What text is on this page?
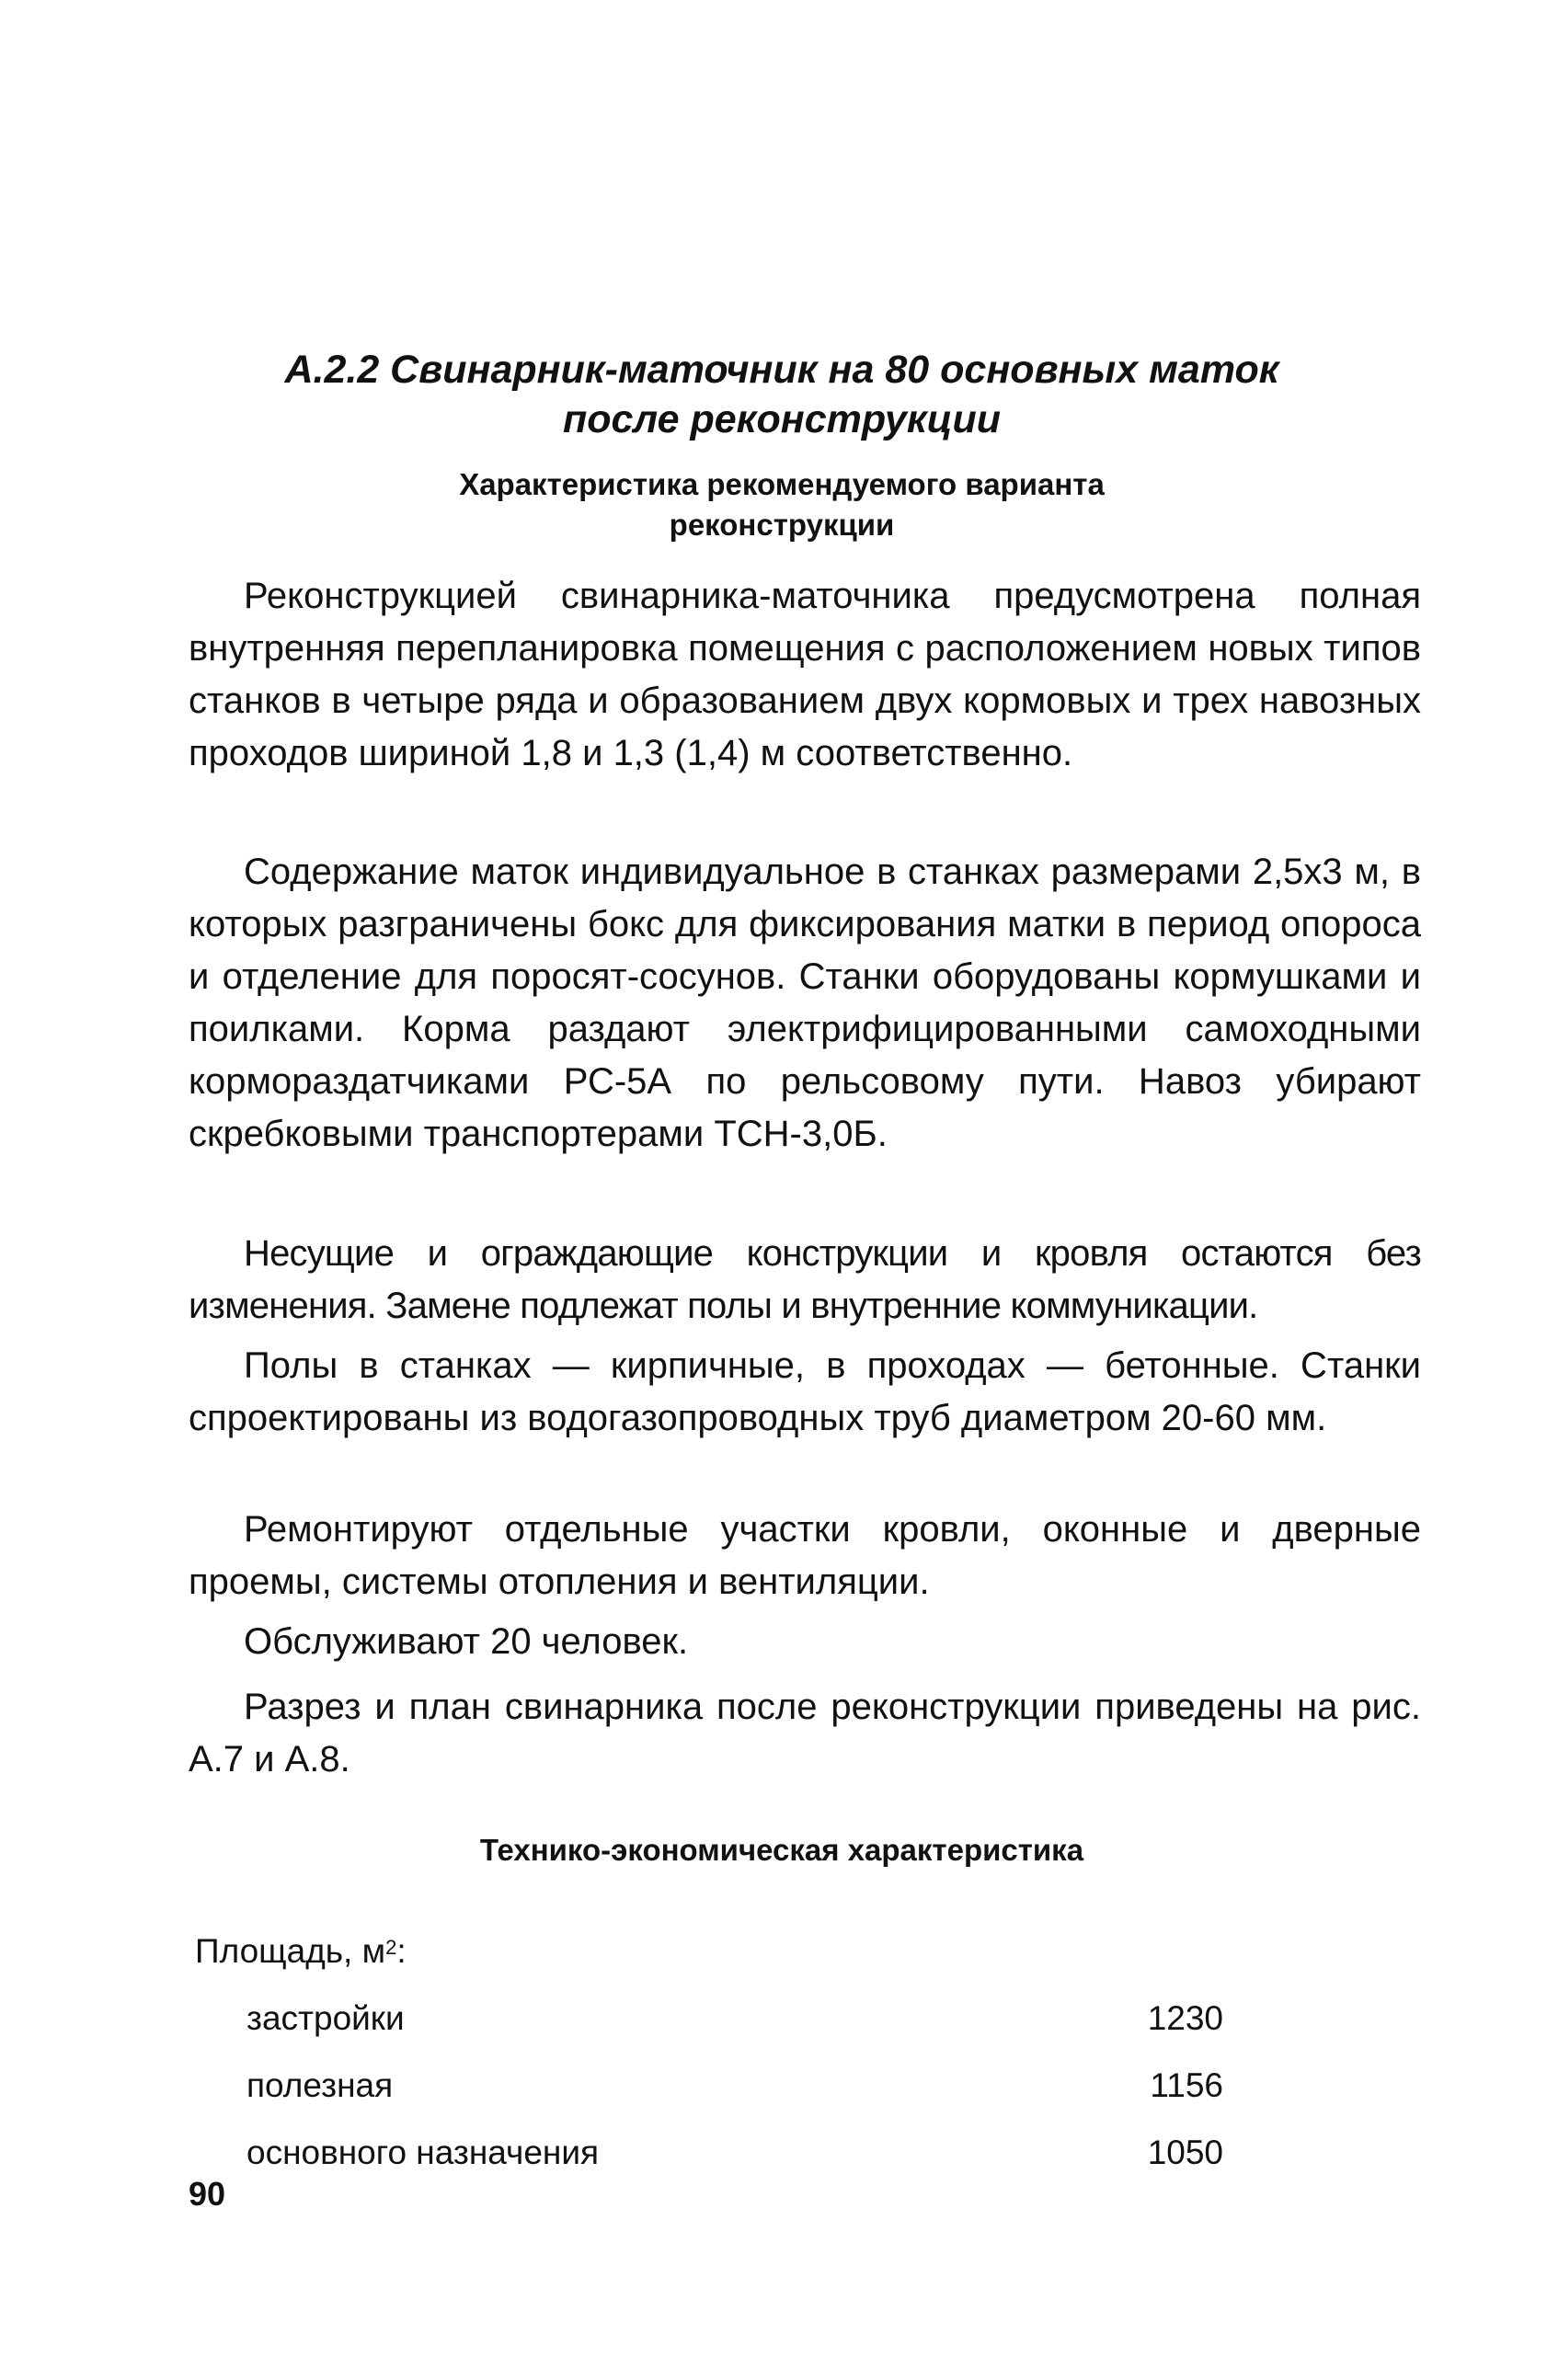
А.2.2 Свинарник-маточник на 80 основных маток
после реконструкции
Характеристика рекомендуемого варианта
реконструкции
Реконструкцией свинарника-маточника предусмотрена полная внутренняя перепланировка помещения с расположением новых типов станков в четыре ряда и образованием двух кормовых и трех навозных проходов шириной 1,8 и 1,3 (1,4) м соответственно.
Содержание маток индивидуальное в станках размерами 2,5х3 м, в которых разграничены бокс для фиксирования матки в период опороса и отделение для поросят-сосунов. Станки оборудованы кормушками и поилками. Корма раздают электрифицированными самоходными кормораздатчиками РС-5А по рельсовому пути. Навоз убирают скребковыми транспортерами ТСН-3,0Б.
Несущие и ограждающие конструкции и кровля остаются без изменения. Замене подлежат полы и внутренние коммуникации.
Полы в станках — кирпичные, в проходах — бетонные. Станки спроектированы из водогазопроводных труб диаметром 20-60 мм.
Ремонтируют отдельные участки кровли, оконные и дверные проемы, системы отопления и вентиляции.
Обслуживают 20 человек.
Разрез и план свинарника после реконструкции приведены на рис. А.7 и А.8.
Технико-экономическая характеристика
Площадь, $м^2$:
застройки	1230
полезная	1156
основного назначения	1050
90
